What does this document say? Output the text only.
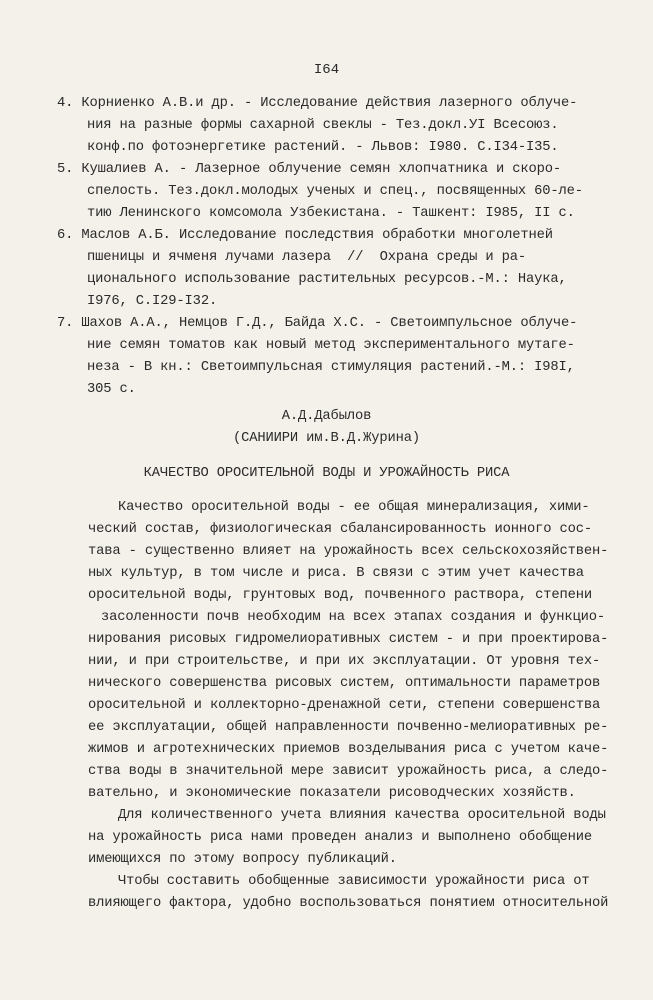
I64
4. Корниенко А.В.и др. - Исследование действия лазерного облуче-
ния на разные формы сахарной свеклы - Тез.докл.УI Всесоюз.
конф.по фотоэнергетике растений. - Львов: I980. С.I34-I35.
5. Кушалиев А. - Лазерное облучение семян хлопчатника и скоро-
спелость. Тез.докл.молодых ученых и спец., посвященных 60-ле-
тию Ленинского комсомола Узбекистана. - Ташкент: I985, II с.
6. Маслов А.Б. Исследование последствия обработки многолетней
пшеницы и ячменя лучами лазера  //  Охрана среды и ра-
ционального использование растительных ресурсов.-М.: Наука,
I976, С.I29-I32.
7. Шахов А.А., Немцов Г.Д., Байда Х.С. - Светоимпульсное облуче-
ние семян томатов как новый метод экспериментального мутаге-
неза - В кн.: Светоимпульсная стимуляция растений.-М.: I98I,
305 с.
А.Д.Дабылов
(САНИИРИ им.В.Д.Журина)
КАЧЕСТВО ОРОСИТЕЛЬНОЙ ВОДЫ И УРОЖАЙНОСТЬ РИСА
Качество оросительной воды - ее общая минерализация, хими-
ческий состав, физиологическая сбалансированность ионного сос-
тава - существенно влияет на урожайность всех сельскохозяйствен-
ных культур, в том числе и риса. В связи с этим учет качества
оросительной воды, грунтовых вод, почвенного раствора, степени
засоленности почв необходим на всех этапах создания и функцио-
нирования рисовых гидромелиоративных систем - и при проектирова-
нии, и при строительстве, и при их эксплуатации. От уровня тех-
нического совершенства рисовых систем, оптимальности параметров
оросительной и коллекторно-дренажной сети, степени совершенства
ее эксплуатации, общей направленности почвенно-мелиоративных ре-
жимов и агротехнических приемов возделывания риса с учетом каче-
ства воды в значительной мере зависит урожайность риса, а следо-
вательно, и экономические показатели рисоводческих хозяйств.
Для количественного учета влияния качества оросительной воды
на урожайность риса нами проведен анализ и выполнено обобщение
имеющихся по этому вопросу публикаций.
Чтобы составить обобщенные зависимости урожайности риса от
влияющего фактора, удобно воспользоваться понятием относительной
